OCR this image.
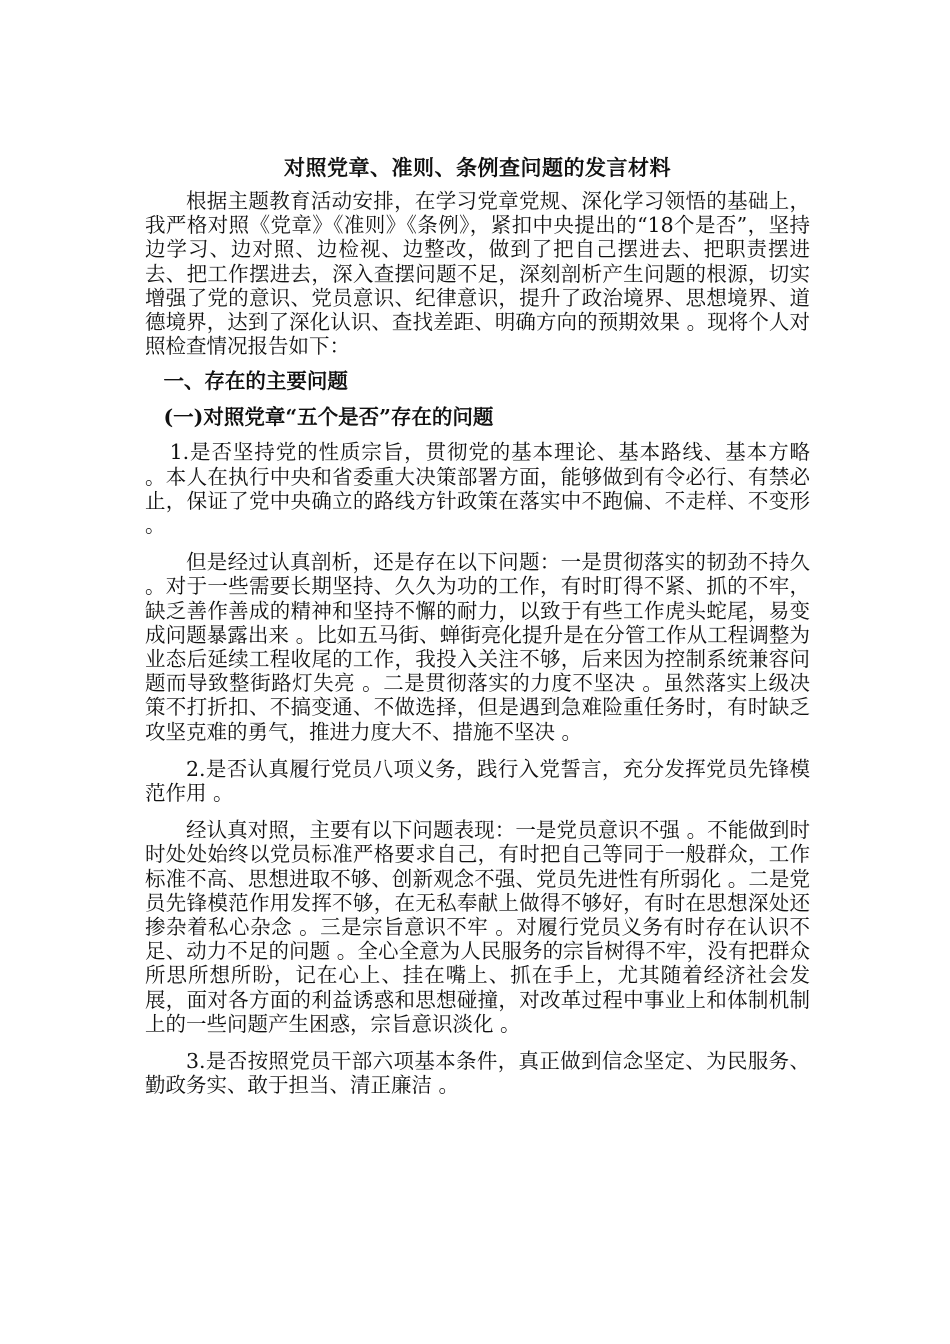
对照党章、准则、条例查问题的发言材料

根据主题教育活动安排，在学习党章党规、深化学习领悟的基础上，我严格对照《党章》《准则》《条例》，紧扣中央提出的“18个是否”，坚持边学习、边对照、边检视、边整改，做到了把自己摆进去、把职责摆进去、把工作摆进去，深入查摆问题不足，深刻剖析产生问题的根源，切实增强了党的意识、党员意识、纪律意识，提升了政治境界、思想境界、道德境界，达到了深化认识、查找差距、明确方向的预期效果 。现将个人对照检查情况报告如下：

一、存在的主要问题
(一)对照党章“五个是否”存在的问题

1.是否坚持党的性质宗旨，贯彻党的基本理论、基本路线、基本方略 。本人在执行中央和省委重大决策部署方面，能够做到有令必行、有禁必止，保证了党中央确立的路线方针政策在落实中不跑偏、不走样、不变形 。

但是经过认真剖析，还是存在以下问题：一是贯彻落实的韧劲不持久 。对于一些需要长期坚持、久久为功的工作，有时盯得不紧、抓的不牢，缺乏善作善成的精神和坚持不懈的耐力，以致于有些工作虎头蛇尾，易变成问题暴露出来 。比如五马街、蝉街亮化提升是在分管工作从工程调整为业态后延续工程收尾的工作，我投入关注不够，后来因为控制系统兼容问题而导致整街路灯失亮 。二是贯彻落实的力度不坚决 。虽然落实上级决策不打折扣、不搞变通、不做选择，但是遇到急难险重任务时，有时缺乏攻坚克难的勇气，推进力度大不、措施不坚决 。

2.是否认真履行党员八项义务，践行入党誓言，充分发挥党员先锋模范作用 。

经认真对照，主要有以下问题表现：一是党员意识不强 。不能做到时时处处始终以党员标准严格要求自己，有时把自己等同于一般群众，工作标准不高、思想进取不够、创新观念不强、党员先进性有所弱化 。二是党员先锋模范作用发挥不够，在无私奉献上做得不够好，有时在思想深处还掺杂着私心杂念 。三是宗旨意识不牢 。对履行党员义务有时存在认识不足、动力不足的问题 。全心全意为人民服务的宗旨树得不牢，没有把群众所思所想所盼，记在心上、挂在嘴上、抓在手上，尤其随着经济社会发展，面对各方面的利益诱惑和思想碰撞，对改革过程中事业上和体制机制上的一些问题产生困惑，宗旨意识淡化 。

3.是否按照党员干部六项基本条件，真正做到信念坚定、为民服务、勤政务实、敢于担当、清正廉洁 。
